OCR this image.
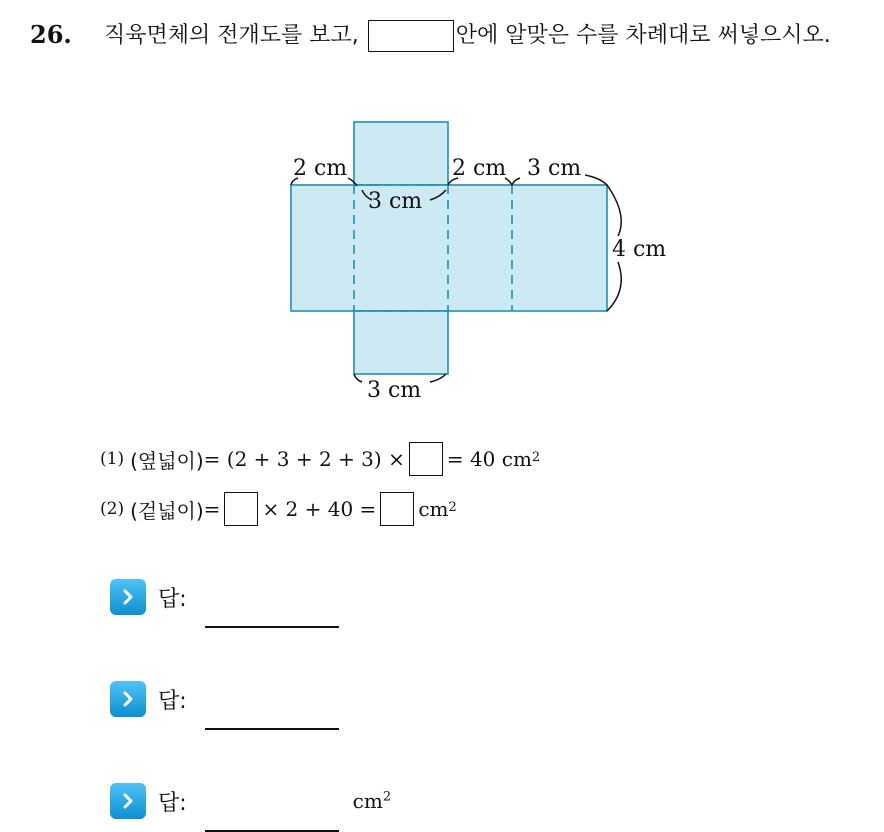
26. 직육면체의 전개도를 보고,	안에 알맞은 수를 차례대로 써넣으시오.
2 cm
3 cm
2 cm 3 cm
4 cm
3 cm
(1) (옆넓이) = (2 + 3 + 2 + 3) × = 40 $cm^2$
(2) (겉넓이) = × $2 + 40 = cm^2$
답:
답:
답:	$cm^2$
